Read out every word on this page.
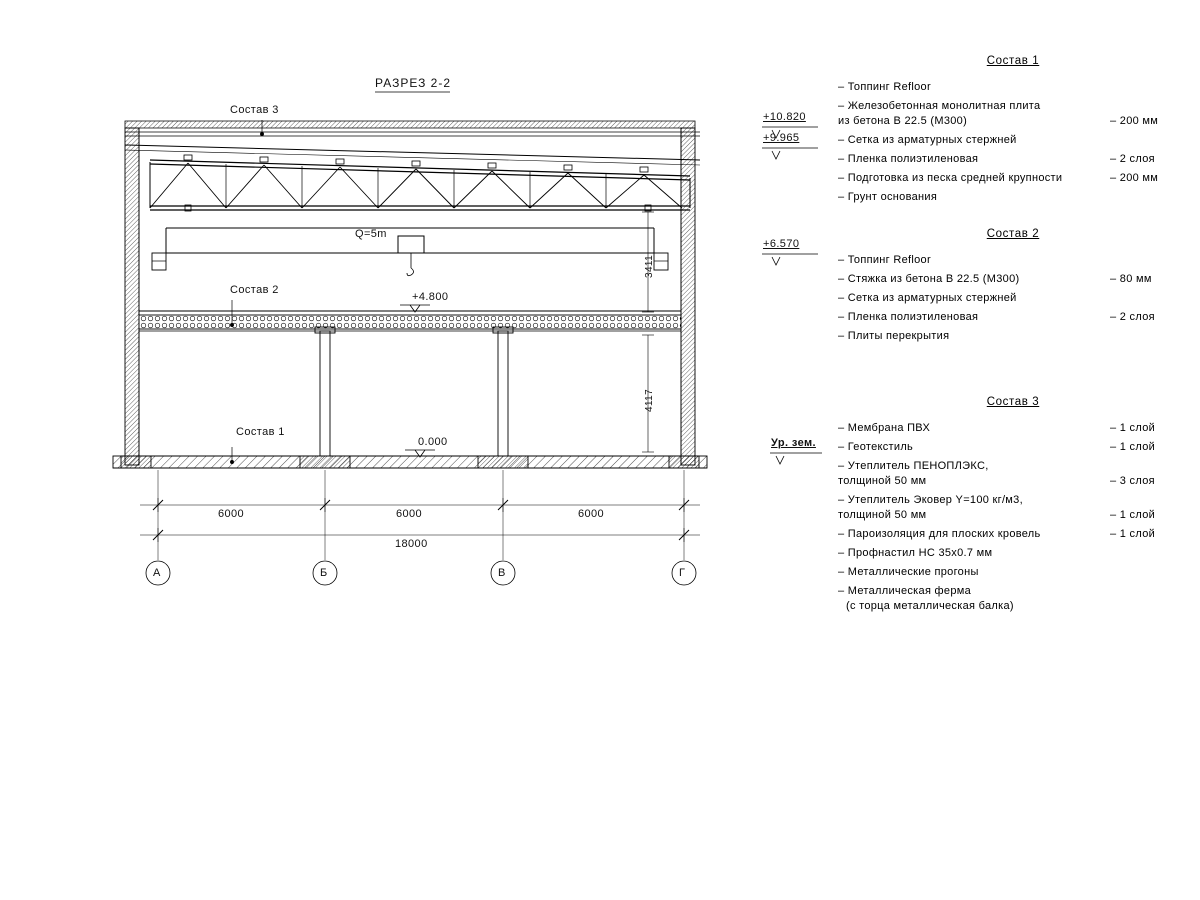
РАЗРЕЗ 2-2
Состав 3
Состав 2
Состав 1
Q=5m
+4.800
0.000
3411
4117
+10.820
+9.965
+6.570
Ур. зем.
6000	6000	6000
18000
А	Б	В	Г
Состав 1
– Топпинг Refloor
– Железобетонная монолитная плита
из бетона В 22.5 (М300)	– 200 мм
– Сетка из арматурных стержней
– Пленка полиэтиленовая	– 2 слоя
– Подготовка из песка средней крупности	– 200 мм
– Грунт основания
Состав 2
– Топпинг Refloor
– Стяжка из бетона В 22.5 (М300)	– 80 мм
– Сетка из арматурных стержней
– Пленка полиэтиленовая	– 2 слоя
– Плиты перекрытия
Состав 3
– Мембрана ПВХ	– 1 слой
– Геотекстиль	– 1 слой
– Утеплитель ПЕНОПЛЭКС,
толщиной 50 мм	– 3 слоя
– Утеплитель Эковер Y=100 кг/м3,
толщиной 50 мм	– 1 слой
– Пароизоляция для плоских кровель	– 1 слой
– Профнастил НС 35х0.7 мм
– Металлические прогоны
– Металлическая ферма
(с торца металлическая балка)
